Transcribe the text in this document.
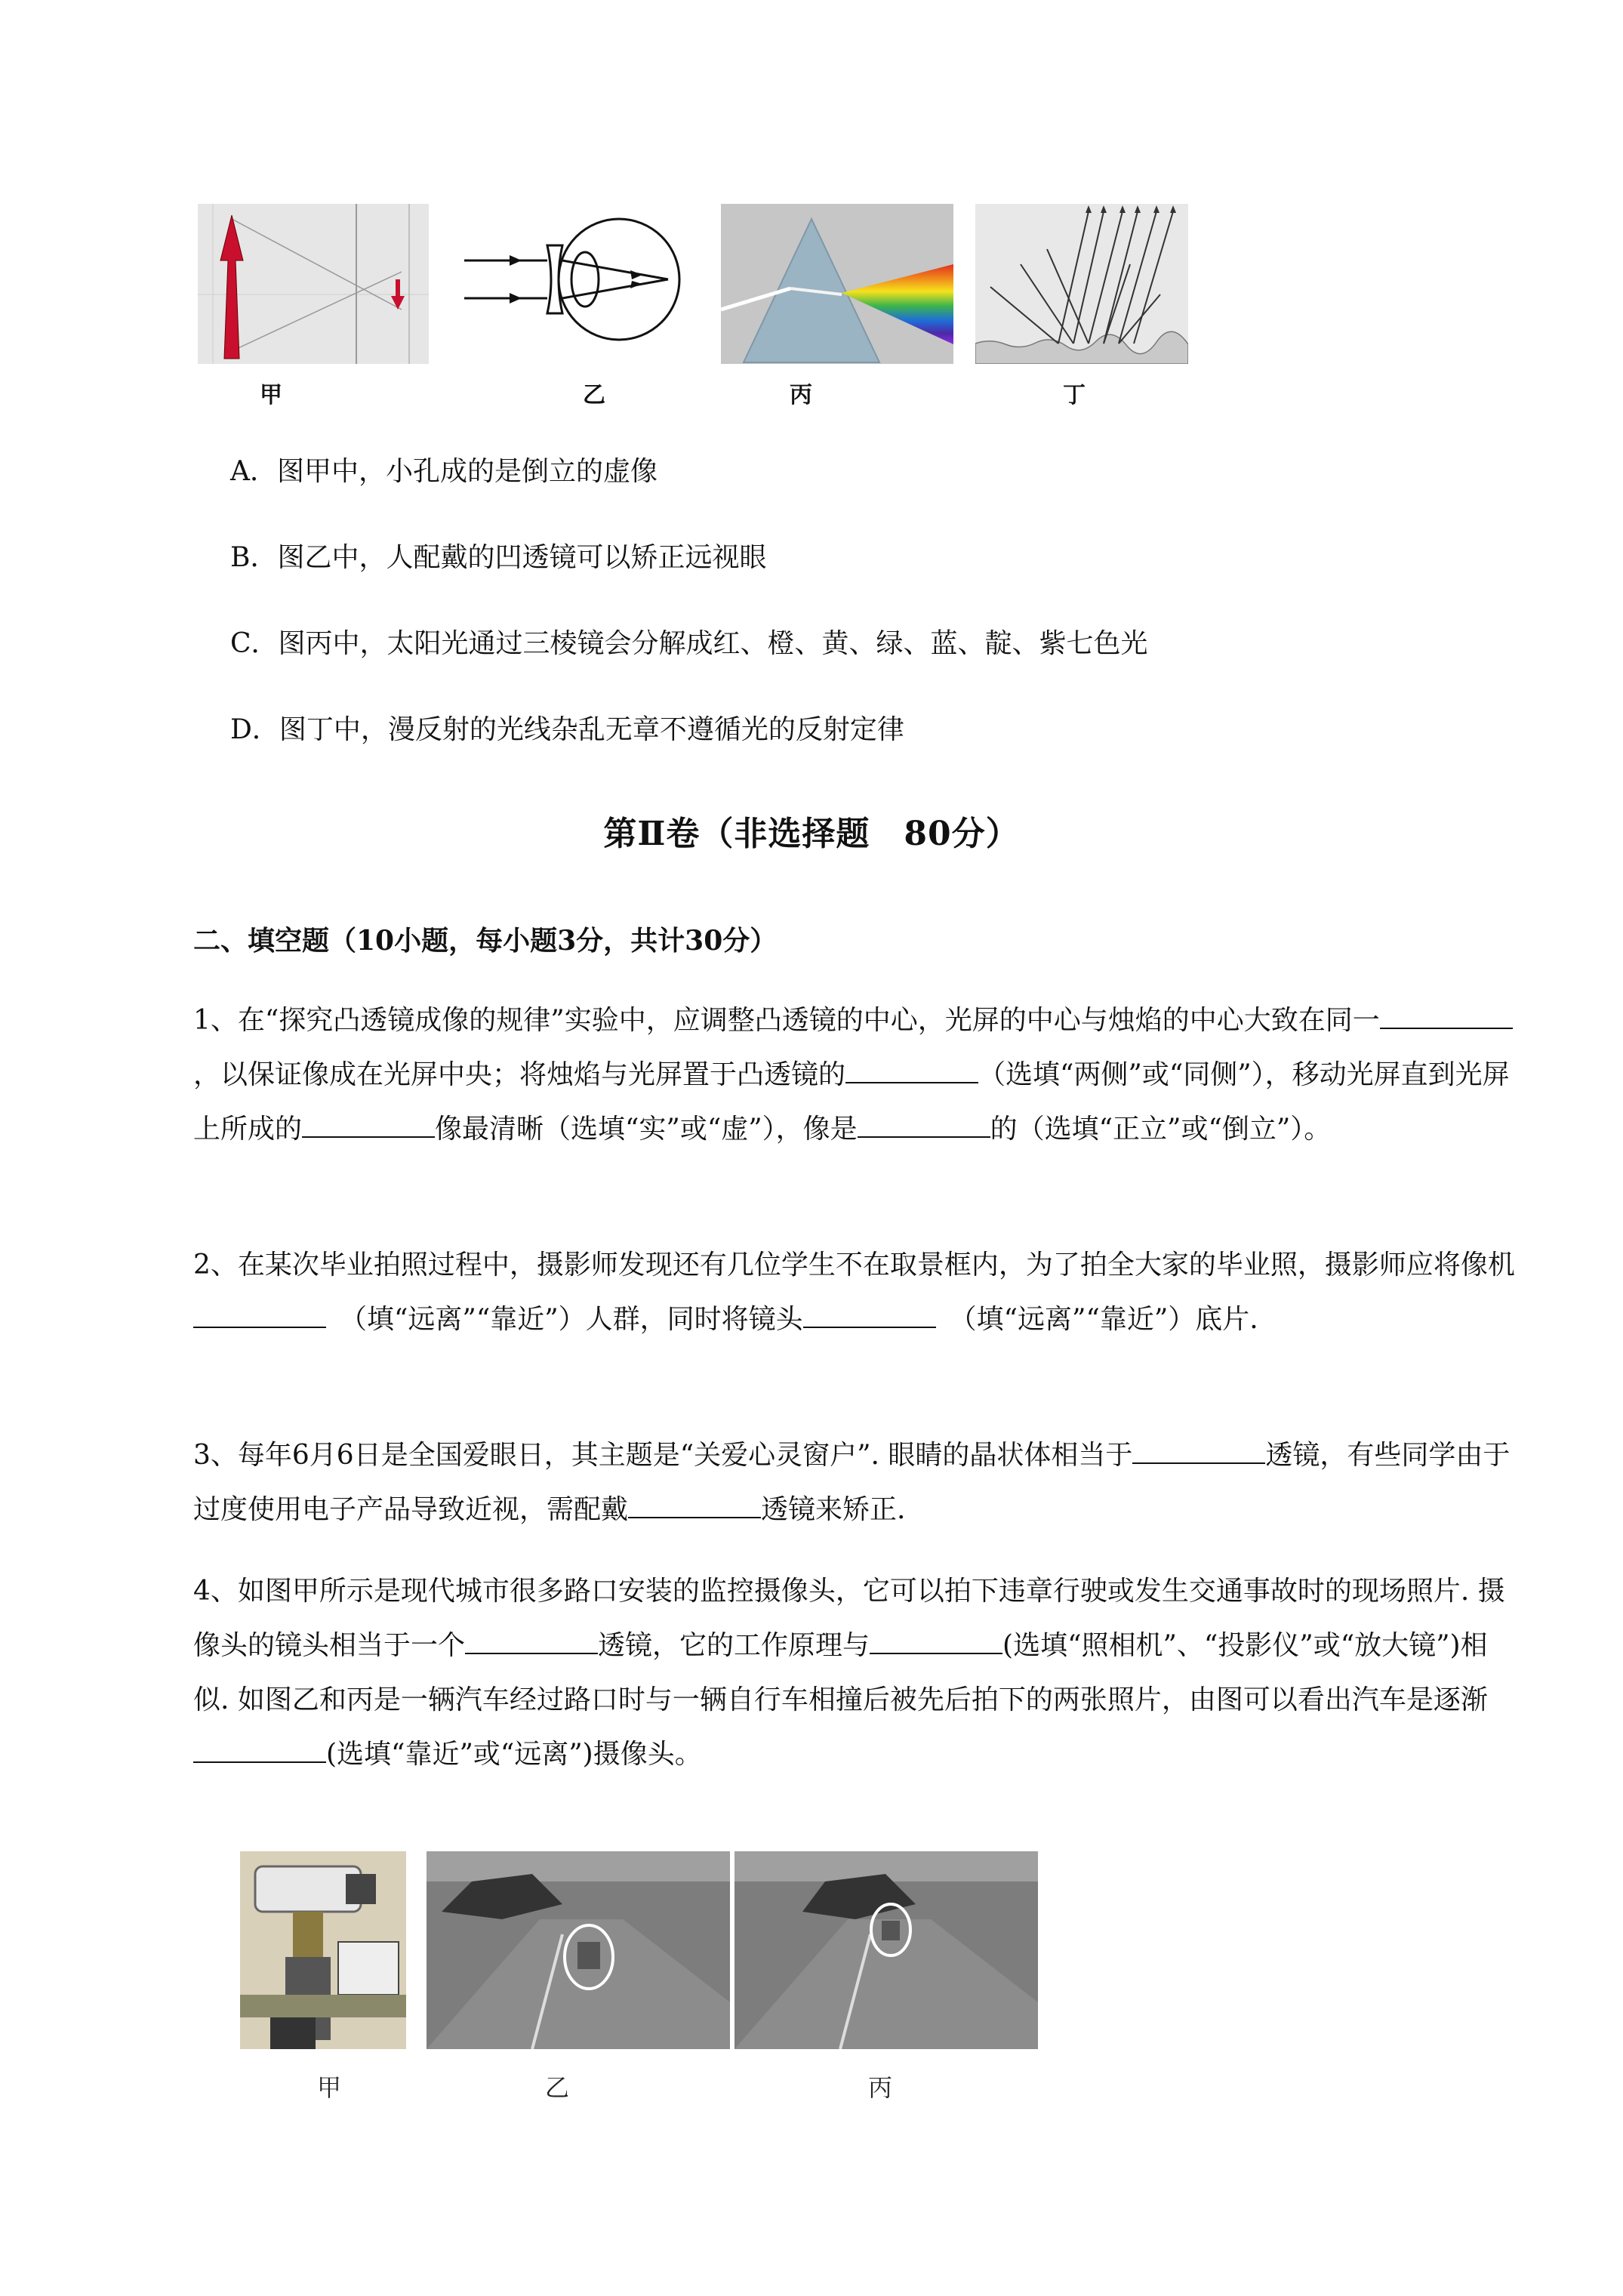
甲	乙	丙	丁
A．图甲中，小孔成的是倒立的虚像
B．图乙中，人配戴的凹透镜可以矫正远视眼
C．图丙中，太阳光通过三棱镜会分解成红、橙、黄、绿、蓝、靛、紫七色光
D．图丁中，漫反射的光线杂乱无章不遵循光的反射定律
第Ⅱ卷（非选择题　80分）
二、填空题（10小题，每小题3分，共计30分）
1、在“探究凸透镜成像的规律”实验中，应调整凸透镜的中心，光屏的中心与烛焰的中心大致在同一，以保证像成在光屏中央；将烛焰与光屏置于凸透镜的	（选填“两侧”或“同侧”），移动光屏直到光屏上所成的	像最清晰（选填“实”或“虚”），像是	的（选填“正立”或“倒立”）。
2、在某次毕业拍照过程中，摄影师发现还有几位学生不在取景框内，为了拍全大家的毕业照，摄影师应将像机　（填“远离”“靠近”）人群，同时将镜头　	（填“远离”“靠近”）底片.
3、每年6月6日是全国爱眼日，其主题是“关爱心灵窗户”. 眼睛的晶状体相当于	透镜，有些同学由于过度使用电子产品导致近视，需配戴	透镜来矫正.
4、如图甲所示是现代城市很多路口安装的监控摄像头，它可以拍下违章行驶或发生交通事故时的现场照片. 摄像头的镜头相当于一个	透镜，它的工作原理与	(选填“照相机”、“投影仪”或“放大镜”)相似. 如图乙和丙是一辆汽车经过路口时与一辆自行车相撞后被先后拍下的两张照片，由图可以看出汽车是逐渐(选填“靠近”或“远离”)摄像头。
甲	乙	丙
